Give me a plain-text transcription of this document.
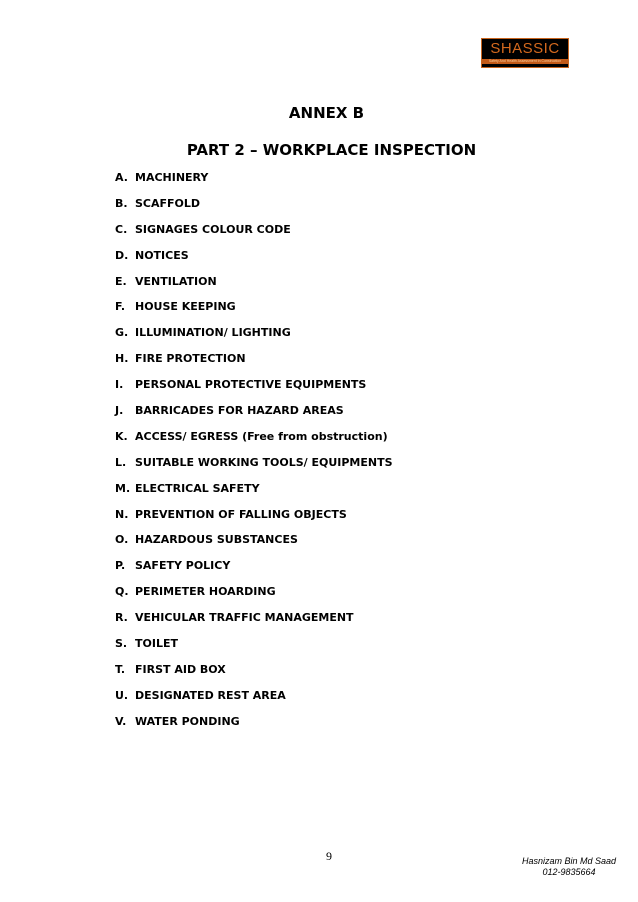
SHASSIC
Safety And Health Assessment In Construction
ANNEX B
PART 2 – WORKPLACE INSPECTION
A. MACHINERY
B. SCAFFOLD
C. SIGNAGES COLOUR CODE
D. NOTICES
E. VENTILATION
F. HOUSE KEEPING
G. ILLUMINATION/ LIGHTING
H. FIRE PROTECTION
I. PERSONAL PROTECTIVE EQUIPMENTS
J. BARRICADES FOR HAZARD AREAS
K. ACCESS/ EGRESS (Free from obstruction)
L. SUITABLE WORKING TOOLS/ EQUIPMENTS
M. ELECTRICAL SAFETY
N. PREVENTION OF FALLING OBJECTS
O. HAZARDOUS SUBSTANCES
P. SAFETY POLICY
Q. PERIMETER HOARDING
R. VEHICULAR TRAFFIC MANAGEMENT
S. TOILET
T. FIRST AID BOX
U. DESIGNATED REST AREA
V. WATER PONDING
9	Hasnizam Bin Md Saad
012-9835664
